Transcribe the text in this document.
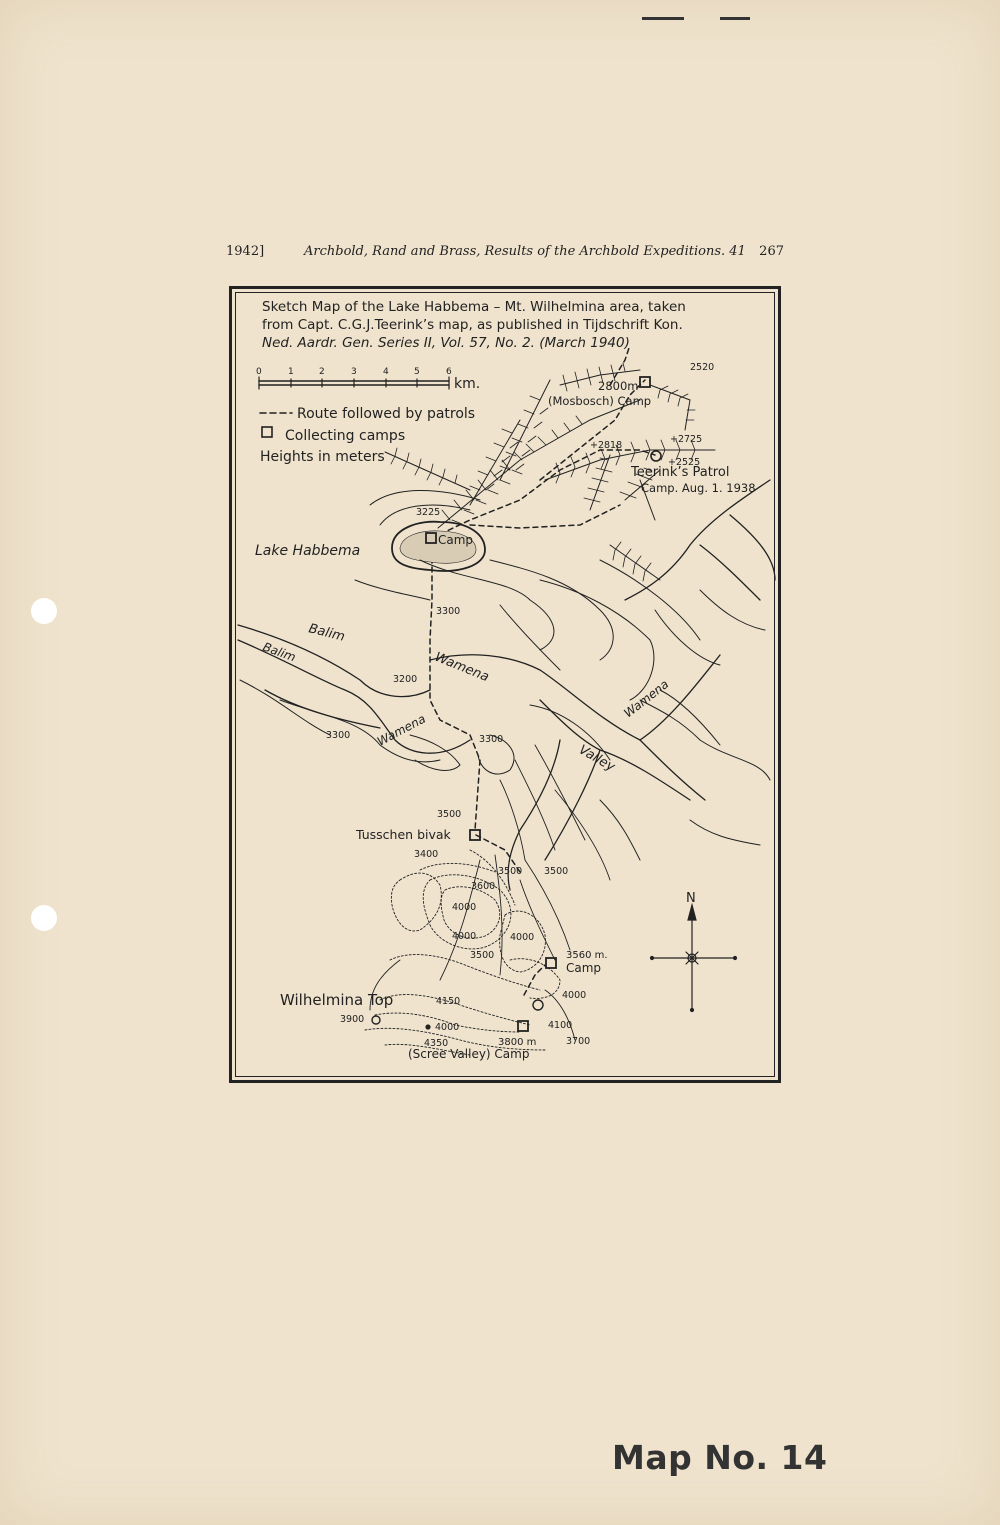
1942]	Archbold, Rand and Brass, Results of the Archbold Expeditions. 41 267
Sketch Map of the Lake Habbema – Mt. Wilhelmina area, taken
from Capt. C.G.J.Teerink’s map, as published in Tijdschrift Kon.
Ned. Aardr. Gen. Series II, Vol. 57, No. 2. (March 1940)
0	1	2	3	4	5	6
km.
Route followed by patrols
Collecting camps
Heights in meters
2800m
(Mosbosch) Camp
Teerink’s Patrol
Camp. Aug. 1. 1938
Lake Habbema
Camp
Tusschen bivak
3560 m.
Camp
Wilhelmina Top
3800 m
(Scree Valley) Camp
Balim
Balim
Wamena
Wamena
Wamena
Valley
2520
+2725
+2525
+2818
3225
3300
3200
3300	3300
3500
3400
3500 3500
3600
4000
4000
3500
4000
4000
4150
3900
4000
4350
4100
3700
N
Map No. 14
